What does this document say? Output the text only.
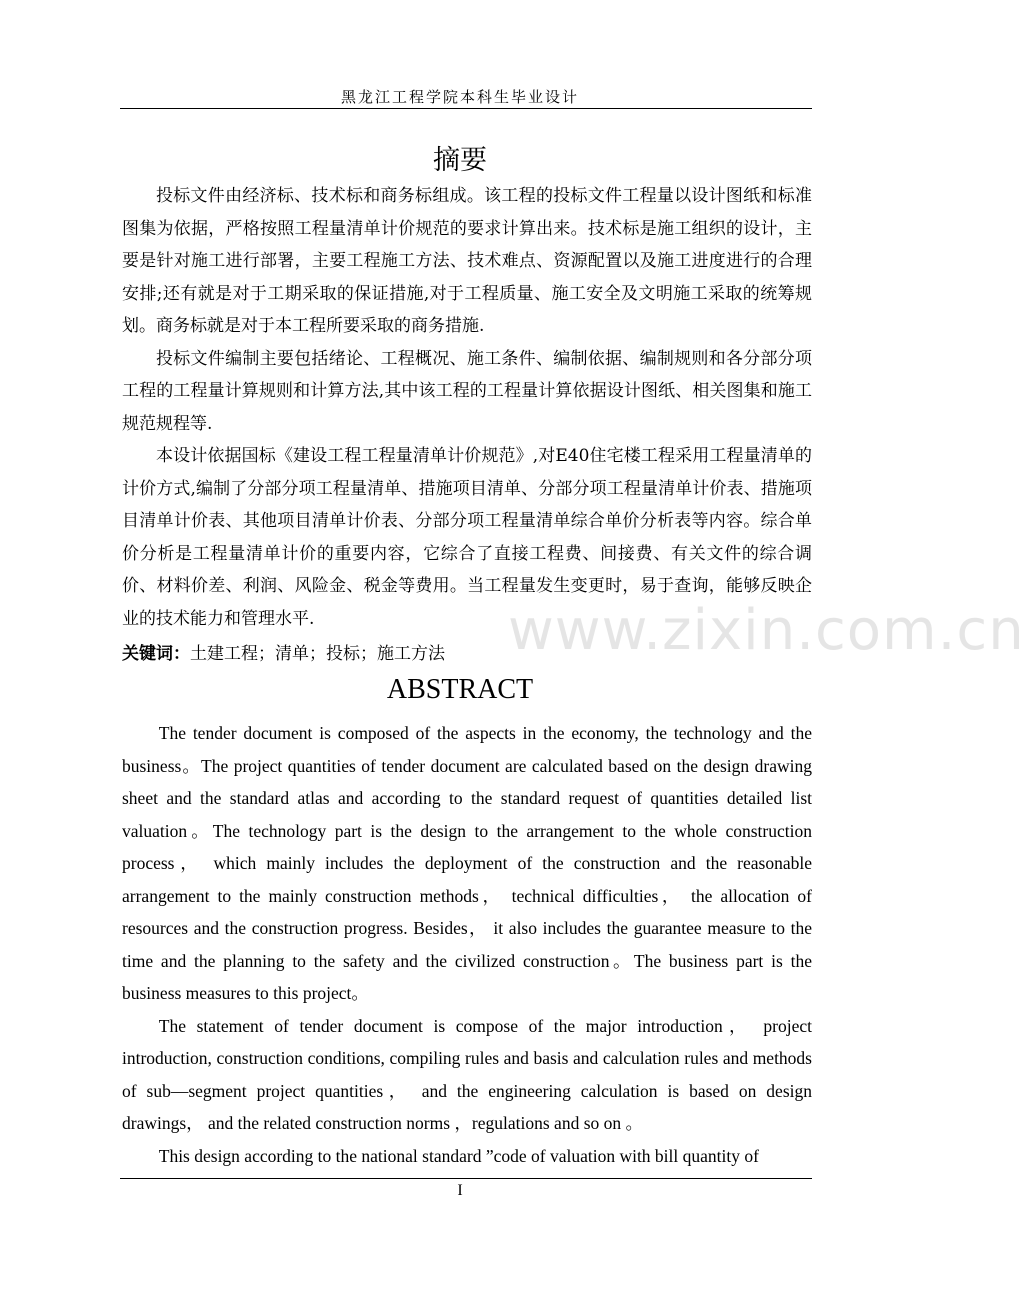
黑龙江工程学院本科生毕业设计
摘要

投标文件由经济标、技术标和商务标组成。该工程的投标文件工程量以设计图纸和标准图集为依据，严格按照工程量清单计价规范的要求计算出来。技术标是施工组织的设计，主要是针对施工进行部署，主要工程施工方法、技术难点、资源配置以及施工进度进行的合理安排;还有就是对于工期采取的保证措施,对于工程质量、施工安全及文明施工采取的统筹规划。商务标就是对于本工程所要采取的商务措施.

投标文件编制主要包括绪论、工程概况、施工条件、编制依据、编制规则和各分部分项工程的工程量计算规则和计算方法,其中该工程的工程量计算依据设计图纸、相关图集和施工规范规程等.

本设计依据国标《建设工程工程量清单计价规范》,对E40住宅楼工程采用工程量清单的计价方式,编制了分部分项工程量清单、措施项目清单、分部分项工程量清单计价表、措施项目清单计价表、其他项目清单计价表、分部分项工程量清单综合单价分析表等内容。综合单价分析是工程量清单计价的重要内容，它综合了直接工程费、间接费、有关文件的综合调价、材料价差、利润、风险金、税金等费用。当工程量发生变更时，易于查询，能够反映企业的技术能力和管理水平.

关键词：土建工程；清单；投标；施工方法
ABSTRACT

The tender document is composed of the aspects in the economy, the technology and the business。The project quantities of tender document are calculated based on the design drawing sheet and the standard atlas and according to the standard request of quantities detailed list valuation。The technology part is the design to the arrangement to the whole construction process， which mainly includes the deployment of the construction and the reasonable arrangement to the mainly construction methods， technical difficulties， the allocation of resources and the construction progress. Besides， it also includes the guarantee measure to the time and the planning to the safety and the civilized construction。The business part is the business measures to this project。

The statement of tender document is compose of the major introduction， project introduction, construction conditions, compiling rules and basis and calculation rules and methods of sub—segment project quantities， and the engineering calculation is based on design drawings， and the related construction norms ，regulations and so on 。

This design according to the national standard ”code of valuation with bill quantity of

www.zixin.com.cn
I
